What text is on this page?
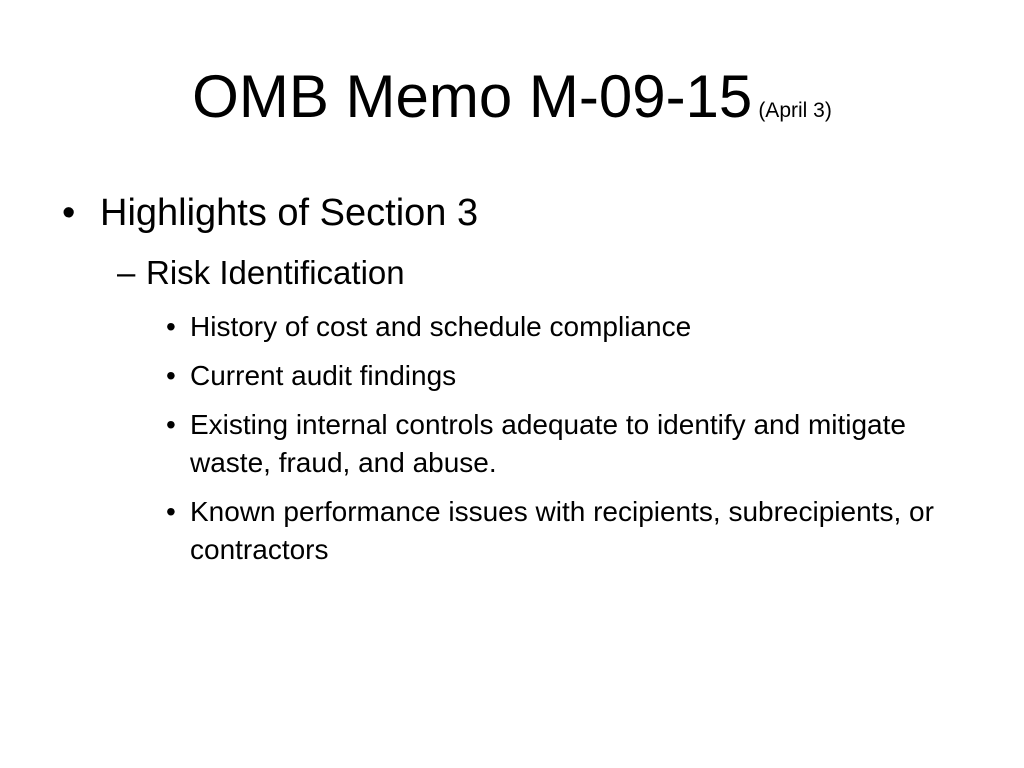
OMB Memo M-09-15 (April 3)
• Highlights of Section 3
– Risk Identification
• History of cost and schedule compliance
• Current audit findings
• Existing internal controls adequate to identify and mitigate waste, fraud, and abuse.
• Known performance issues with recipients, subrecipients, or contractors
